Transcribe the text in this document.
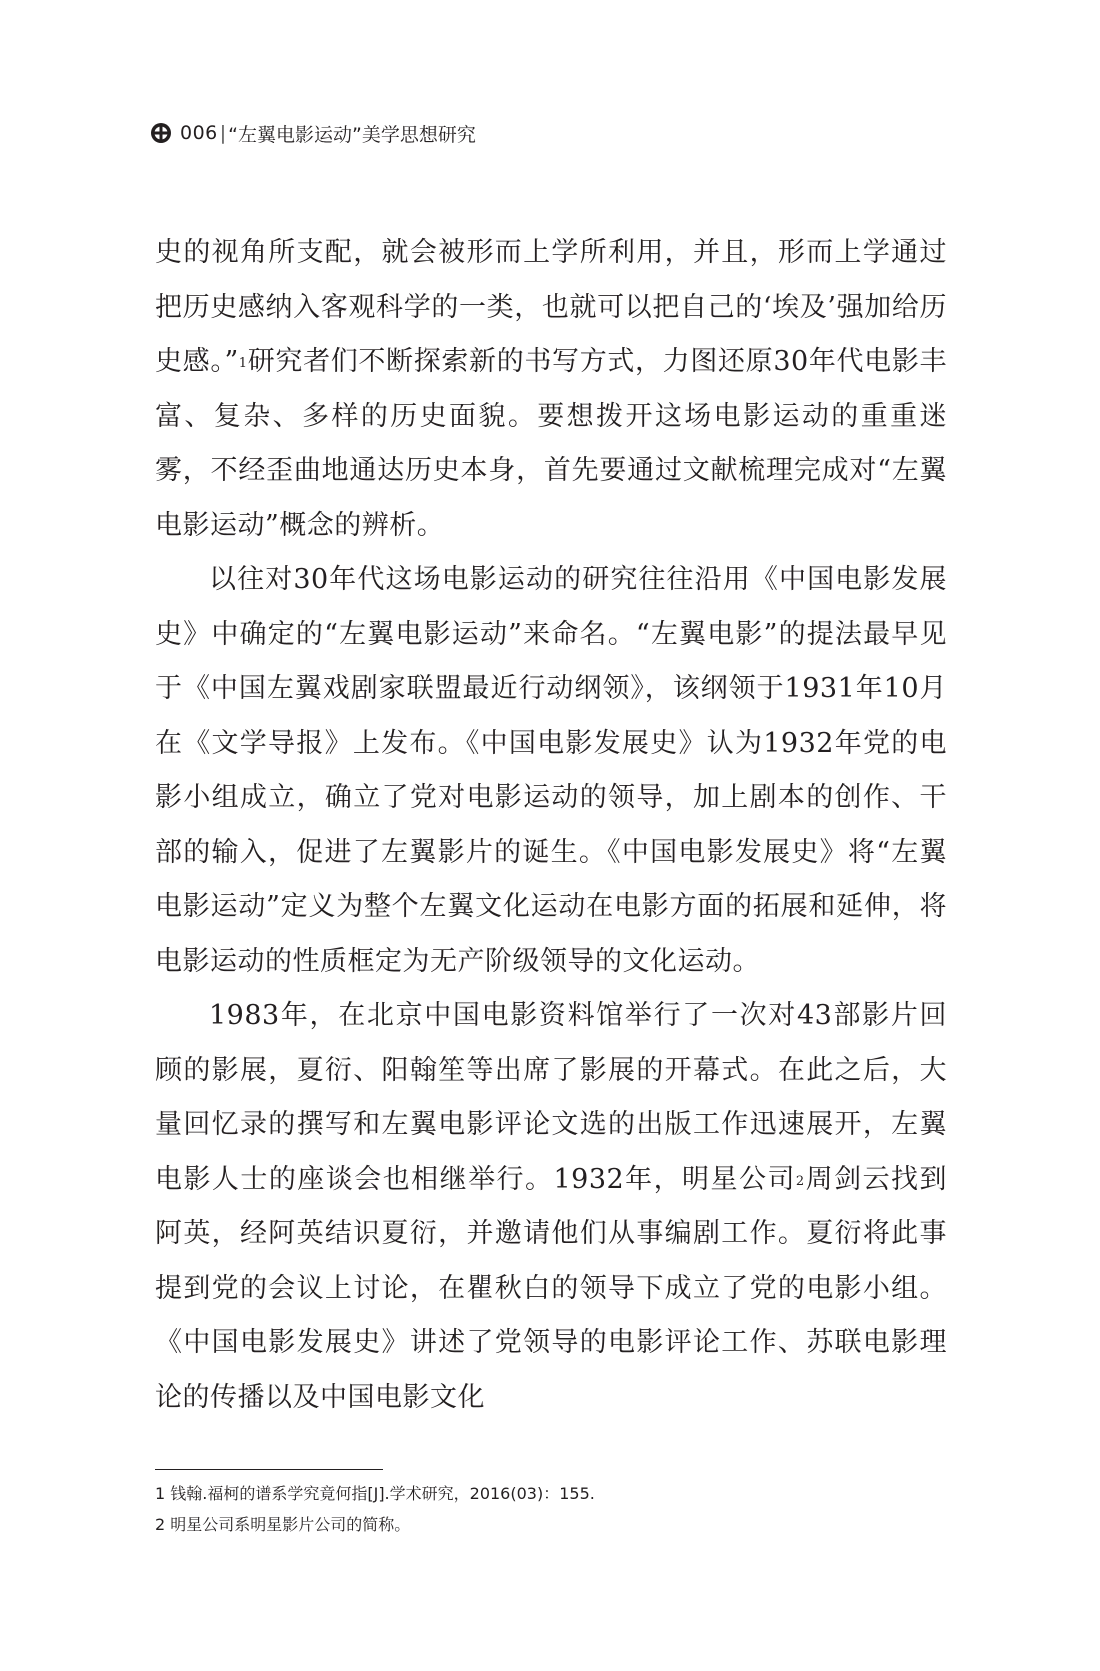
006 | “左翼电影运动”美学思想研究

史的视角所支配，就会被形而上学所利用，并且，形而上学通过把历史感纳入客观科学的一类，也就可以把自己的‘埃及’强加给历史感。”$^1$研究者们不断探索新的书写方式，力图还原30年代电影丰富、复杂、多样的历史面貌。要想拨开这场电影运动的重重迷雾，不经歪曲地通达历史本身，首先要通过文献梳理完成对“左翼电影运动”概念的辨析。

以往对30年代这场电影运动的研究往往沿用《中国电影发展史》中确定的“左翼电影运动”来命名。“左翼电影”的提法最早见于《中国左翼戏剧家联盟最近行动纲领》，该纲领于1931年10月在《文学导报》上发布。《中国电影发展史》认为1932年党的电影小组成立，确立了党对电影运动的领导，加上剧本的创作、干部的输入，促进了左翼影片的诞生。《中国电影发展史》将“左翼电影运动”定义为整个左翼文化运动在电影方面的拓展和延伸，将电影运动的性质框定为无产阶级领导的文化运动。

1983年，在北京中国电影资料馆举行了一次对43部影片回顾的影展，夏衍、阳翰笙等出席了影展的开幕式。在此之后，大量回忆录的撰写和左翼电影评论文选的出版工作迅速展开，左翼电影人士的座谈会也相继举行。1932年，明星公司$^2$周剑云找到阿英，经阿英结识夏衍，并邀请他们从事编剧工作。夏衍将此事提到党的会议上讨论，在瞿秋白的领导下成立了党的电影小组。《中国电影发展史》讲述了党领导的电影评论工作、苏联电影理论的传播以及中国电影文化

1 钱翰.福柯的谱系学究竟何指[J].学术研究，2016(03)：155.

2 明星公司系明星影片公司的简称。
